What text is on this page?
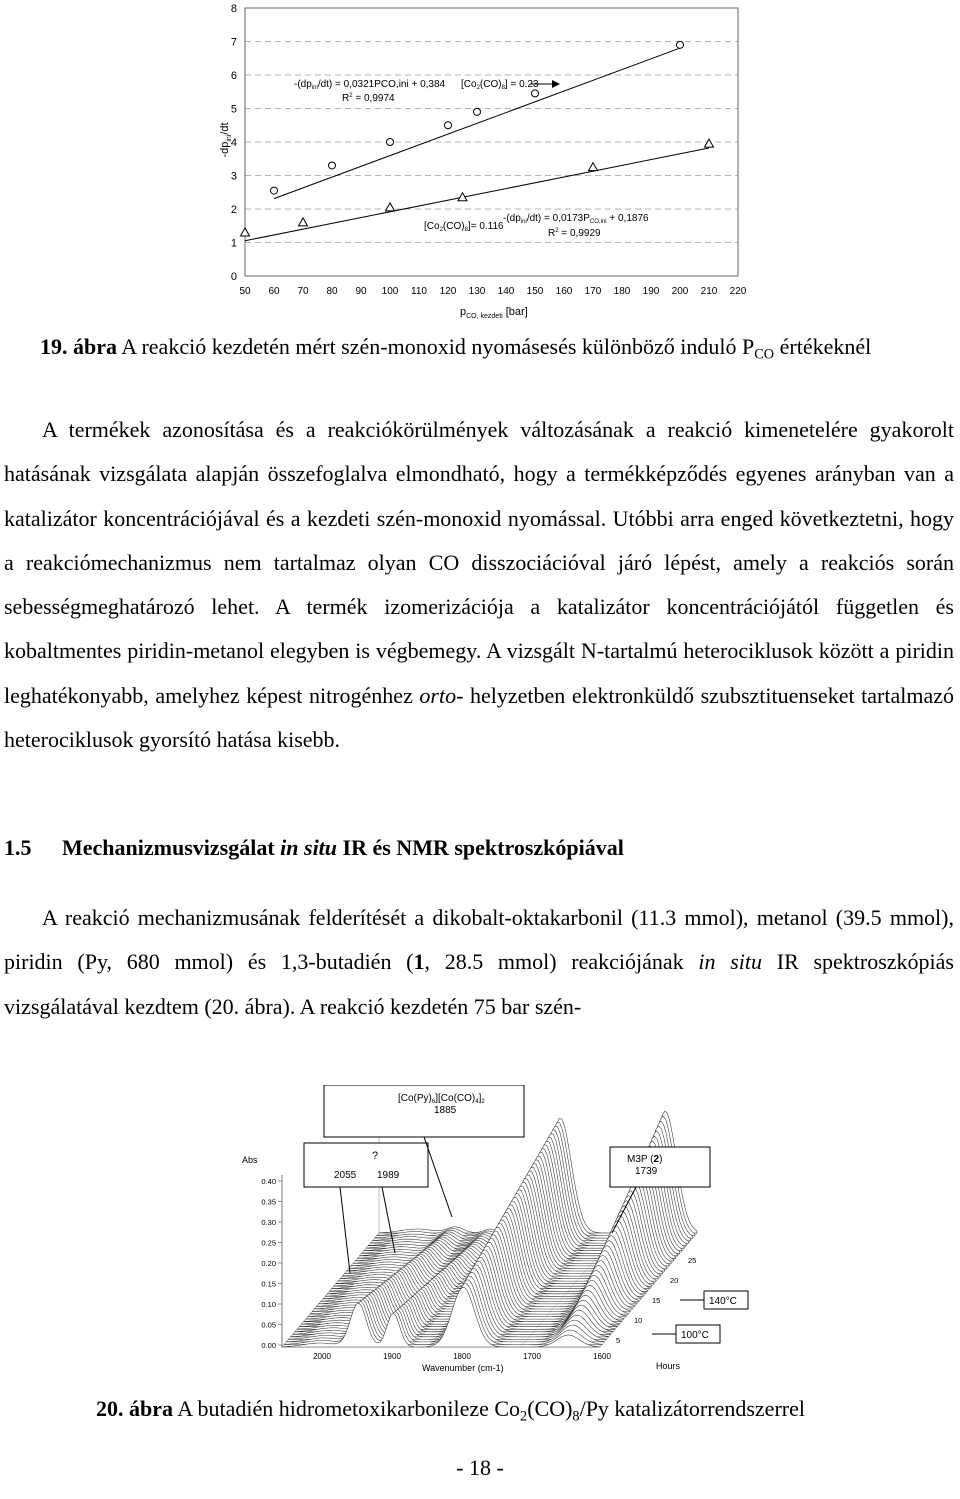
0
1
2
3
4
5
6
7
8
50 60 70 80 90 100 110 120 130 140 150 160 170 180 190 200 210 220
$-dp_{ini}/dt$
$p_{CO, kezdeti}$ [bar]
$-(dp_{ini}/dt) = 0,0321PCO,ini + 0,384$
$R^2 = 0,9974$
$[Co_2(CO)_8] = 0.23$
$[Co_2(CO)_8]= 0.116$
$-(dp_{ini}/dt) = 0,0173P_{CO,ini} + 0,1876$
$R^2 = 0,9929$
19. ábra A reakció kezdetén mért szén-monoxid nyomásesés különböző induló $P_{CO}$ értékeknél

A termékek azonosítása és a reakciókörülmények változásának a reakció kimenetelére gyakorolt hatásának vizsgálata alapján összefoglalva elmondható, hogy a termékképződés egyenes arányban van a katalizátor koncentrációjával és a kezdeti szén-monoxid nyomással. Utóbbi arra enged következtetni, hogy a reakciómechanizmus nem tartalmaz olyan CO disszociációval járó lépést, amely a reakciós során sebességmeghatározó lehet. A termék izomerizációja a katalizátor koncentrációjától független és kobaltmentes piridin-metanol elegyben is végbemegy. A vizsgált N-tartalmú heterociklusok között a piridin leghatékonyabb, amelyhez képest nitrogénhez orto- helyzetben elektronküldő szubsztituenseket tartalmazó heterociklusok gyorsító hatása kisebb.

1.5 Mechanizmusvizsgálat in situ IR és NMR spektroszkópiával

A reakció mechanizmusának felderítését a dikobalt-oktakarbonil (11.3 mmol), metanol (39.5 mmol), piridin (Py, 680 mmol) és 1,3-butadién (1, 28.5 mmol) reakciójának in situ IR spektroszkópiás vizsgálatával kezdtem (20. ábra). A reakció kezdetén 75 bar szén-

0.40
0.35
0.30
0.25
0.20
0.15
0.10
0.05
0.00
2000	1900	1800	1700	1600
5
10
15
20
25
$[Co(Py)_6][Co(CO)_4]_2$
1885
?
2055 1989
M3P (2)
1739
140°C
100°C
Abs
Wavenumber (cm-1)	Hours
20. ábra A butadién hidrometoxikarbonileze $Co_2(CO)_8/Py$ katalizátorrendszerrel
- 18 -
